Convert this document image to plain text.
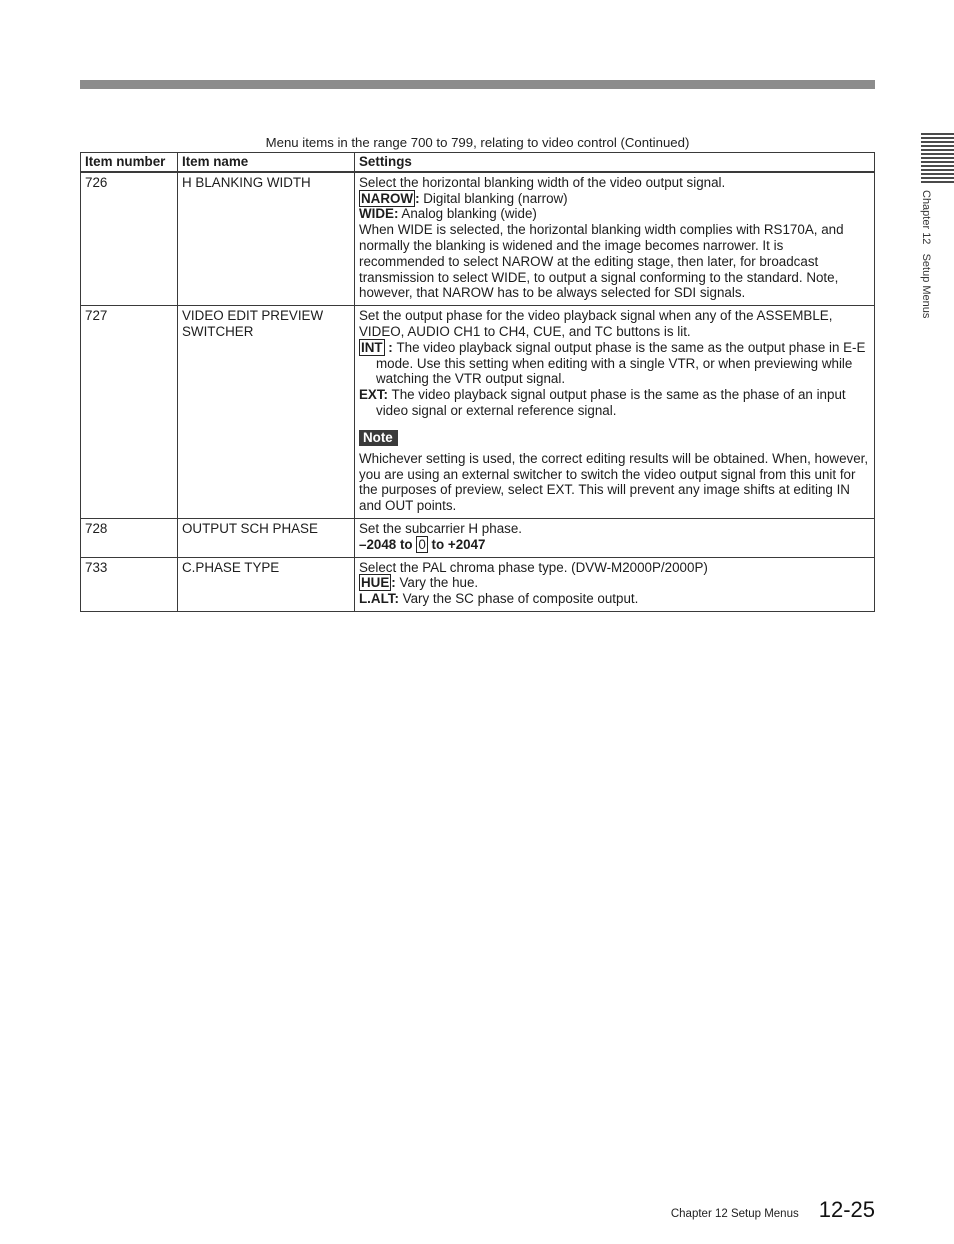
Chapter 12   Setup Menus
Menu items in the range 700 to 799, relating to video control (Continued)
Item number	Item name	Settings
726	H BLANKING WIDTH	Select the horizontal blanking width of the video output signal.
NAROW : Digital blanking (narrow)
WIDE: Analog blanking (wide)
When WIDE is selected, the horizontal blanking width complies with RS170A, and normally the blanking is widened and the image becomes narrower. It is recommended to select NAROW at the editing stage, then later, for broadcast transmission to select WIDE, to output a signal conforming to the standard. Note, however, that NAROW has to be always selected for SDI signals.

727	VIDEO EDIT PREVIEW SWITCHER	Set the output phase for the video playback signal when any of the ASSEMBLE, VIDEO, AUDIO CH1 to CH4, CUE, and TC buttons is lit.
INT : The video playback signal output phase is the same as the output phase in E-E mode. Use this setting when editing with a single VTR, or when previewing while watching the VTR output signal.
EXT: The video playback signal output phase is the same as the phase of an input video signal or external reference signal.
Note
Whichever setting is used, the correct editing results will be obtained. When, however, you are using an external switcher to switch the video output signal from this unit for the purposes of preview, select EXT. This will prevent any image shifts at editing IN and OUT points.

728	OUTPUT SCH PHASE	Set the subcarrier H phase.
–2048 to 0 to +2047

733	C.PHASE TYPE	Select the PAL chroma phase type. (DVW-M2000P/2000P)
HUE : Vary the hue.
L.ALT: Vary the SC phase of composite output.
Chapter 12 Setup Menus 12-25
